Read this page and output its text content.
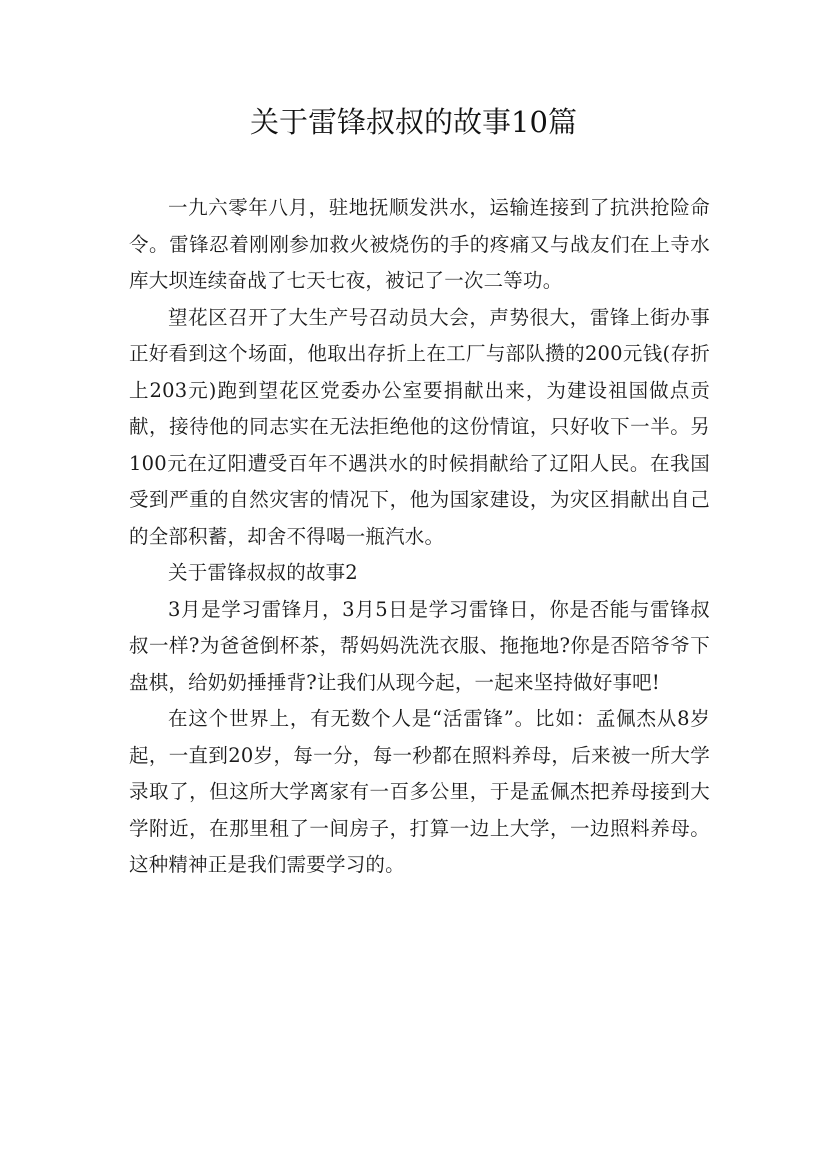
关于雷锋叔叔的故事10篇

一九六零年八月，驻地抚顺发洪水，运输连接到了抗洪抢险命令。雷锋忍着刚刚参加救火被烧伤的手的疼痛又与战友们在上寺水库大坝连续奋战了七天七夜，被记了一次二等功。

望花区召开了大生产号召动员大会，声势很大，雷锋上街办事正好看到这个场面，他取出存折上在工厂与部队攒的200元钱(存折上203元)跑到望花区党委办公室要捐献出来，为建设祖国做点贡献，接待他的同志实在无法拒绝他的这份情谊，只好收下一半。另100元在辽阳遭受百年不遇洪水的时候捐献给了辽阳人民。在我国受到严重的自然灾害的情况下，他为国家建设，为灾区捐献出自己的全部积蓄，却舍不得喝一瓶汽水。

关于雷锋叔叔的故事2

3月是学习雷锋月，3月5日是学习雷锋日，你是否能与雷锋叔叔一样?为爸爸倒杯茶，帮妈妈洗洗衣服、拖拖地?你是否陪爷爷下盘棋，给奶奶捶捶背?让我们从现今起，一起来坚持做好事吧!

在这个世界上，有无数个人是“活雷锋”。比如：孟佩杰从8岁起，一直到20岁，每一分，每一秒都在照料养母，后来被一所大学录取了，但这所大学离家有一百多公里，于是孟佩杰把养母接到大学附近，在那里租了一间房子，打算一边上大学，一边照料养母。这种精神正是我们需要学习的。
